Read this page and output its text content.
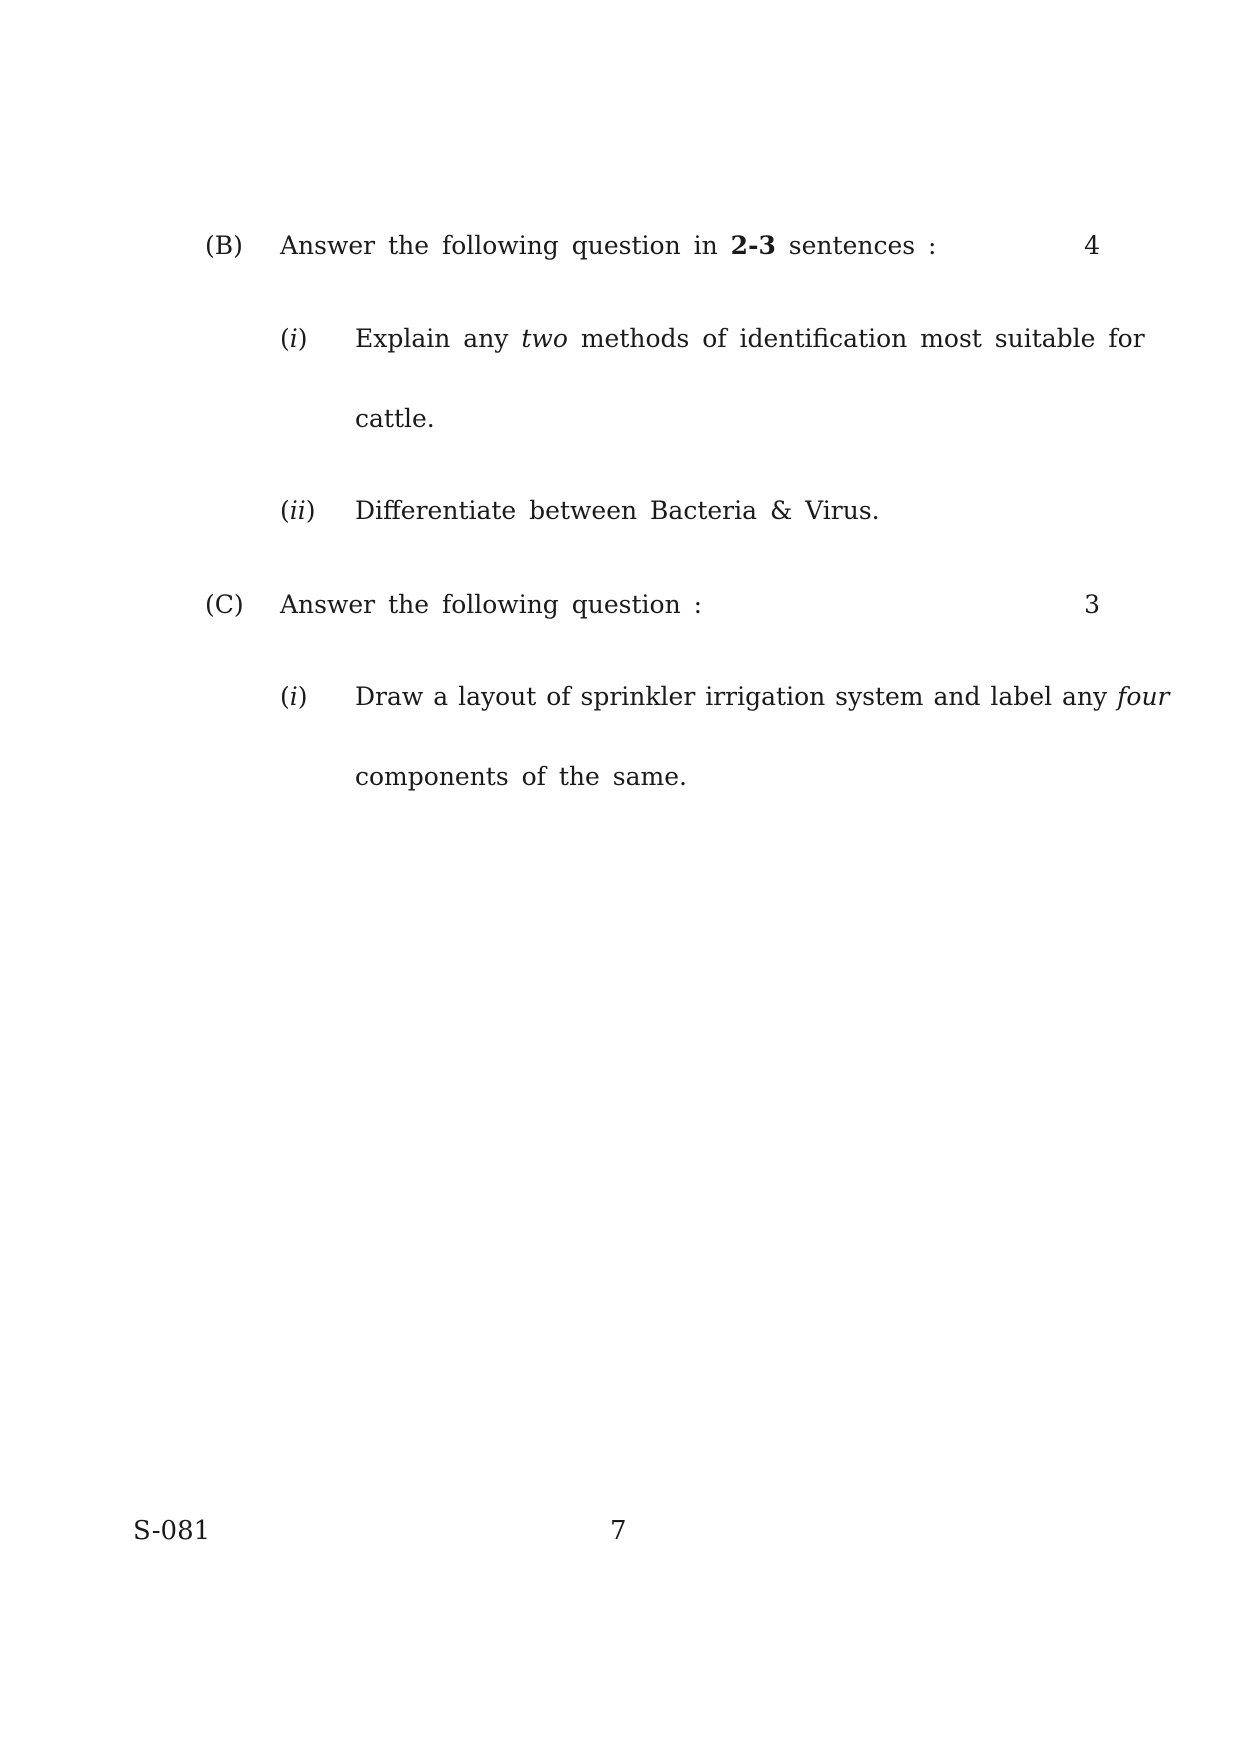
(B) Answer the following question in 2-3 sentences :	4
(i) Explain any two methods of identification most suitable for
cattle.
(ii) Differentiate between Bacteria & Virus.
(C) Answer the following question :	3
(i) Draw a layout of sprinkler irrigation system and label any four
components of the same.
S-081	7
